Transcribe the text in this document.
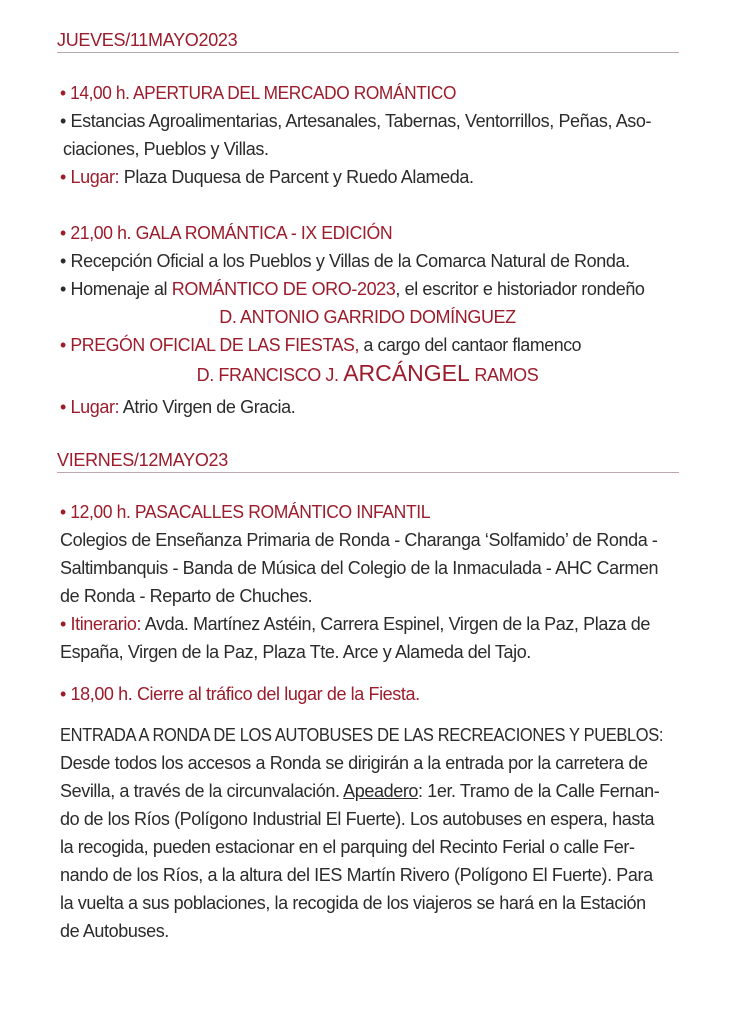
JUEVES/11MAYO2023
• 14,00 h. APERTURA DEL MERCADO ROMÁNTICO
• Estancias Agroalimentarias, Artesanales, Tabernas, Ventorrillos, Peñas, Aso-
ciaciones, Pueblos y Villas.
• Lugar: Plaza Duquesa de Parcent y Ruedo Alameda.
• 21,00 h. GALA ROMÁNTICA - IX EDICIÓN
• Recepción Oficial a los Pueblos y Villas de la Comarca Natural de Ronda.
• Homenaje al ROMÁNTICO DE ORO-2023, el escritor e historiador rondeño
D. ANTONIO GARRIDO DOMÍNGUEZ
• PREGÓN OFICIAL DE LAS FIESTAS, a cargo del cantaor flamenco
D. FRANCISCO J. ARCÁNGEL RAMOS
• Lugar: Atrio Virgen de Gracia.
VIERNES/12MAYO23
• 12,00 h. PASACALLES ROMÁNTICO INFANTIL
Colegios de Enseñanza Primaria de Ronda - Charanga ‘Solfamido’ de Ronda -
Saltimbanquis - Banda de Música del Colegio de la Inmaculada - AHC Carmen
de Ronda - Reparto de Chuches.
• Itinerario: Avda. Martínez Astéin, Carrera Espinel, Virgen de la Paz, Plaza de
España, Virgen de la Paz, Plaza Tte. Arce y Alameda del Tajo.
• 18,00 h. Cierre al tráfico del lugar de la Fiesta.
ENTRADA A RONDA DE LOS AUTOBUSES DE LAS RECREACIONES Y PUEBLOS:
Desde todos los accesos a Ronda se dirigirán a la entrada por la carretera de
Sevilla, a través de la circunvalación. Apeadero: 1er. Tramo de la Calle Fernan-
do de los Ríos (Polígono Industrial El Fuerte). Los autobuses en espera, hasta
la recogida, pueden estacionar en el parquing del Recinto Ferial o calle Fer-
nando de los Ríos, a la altura del IES Martín Rivero (Polígono El Fuerte). Para
la vuelta a sus poblaciones, la recogida de los viajeros se hará en la Estación
de Autobuses.
